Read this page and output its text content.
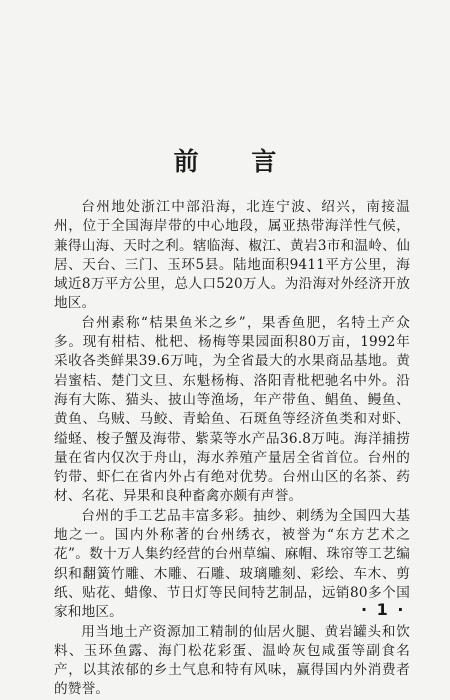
前 言

台州地处浙江中部沿海，北连宁波、绍兴，南接温州，位于全国海岸带的中心地段，属亚热带海洋性气候，兼得山海、天时之利。辖临海、椒江、黄岩3市和温岭、仙居、天台、三门、玉环5县。陆地面积9411平方公里，海域近8万平方公里，总人口520万人。为沿海对外经济开放地区。

台州素称“桔果鱼米之乡”，果香鱼肥，名特土产众多。现有柑桔、枇杷、杨梅等果园面积80万亩，1992年采收各类鲜果39.6万吨，为全省最大的水果商品基地。黄岩蜜桔、楚门文旦、东魁杨梅、洛阳青枇杷驰名中外。沿海有大陈、猫头、披山等渔场，年产带鱼、鲳鱼、鳗鱼、黄鱼、乌贼、马鲛、青蛤鱼、石斑鱼等经济鱼类和对虾、缢蛏、梭子蟹及海带、紫菜等水产品36.8万吨。海洋捕捞量在省内仅次于舟山，海水养殖产量居全省首位。台州的钓带、虾仁在省内外占有绝对优势。台州山区的名茶、药材、名花、异果和良种畜禽亦颇有声誉。

台州的手工艺品丰富多彩。抽纱、刺绣为全国四大基地之一。国内外称著的台州绣衣，被誉为“东方艺术之花”。数十万人集约经营的台州草编、麻帽、珠帘等工艺编织和翻簧竹雕、木雕、石雕、玻璃雕刻、彩绘、车木、剪纸、贴花、蜡像、节日灯等民间特艺制品，远销80多个国家和地区。

用当地土产资源加工精制的仙居火腿、黄岩罐头和饮料、玉环鱼露、海门松花彩蛋、温岭灰包咸蛋等副食名产，以其浓郁的乡土气息和特有风味，赢得国内外消费者的赞誉。

· 1 ·
